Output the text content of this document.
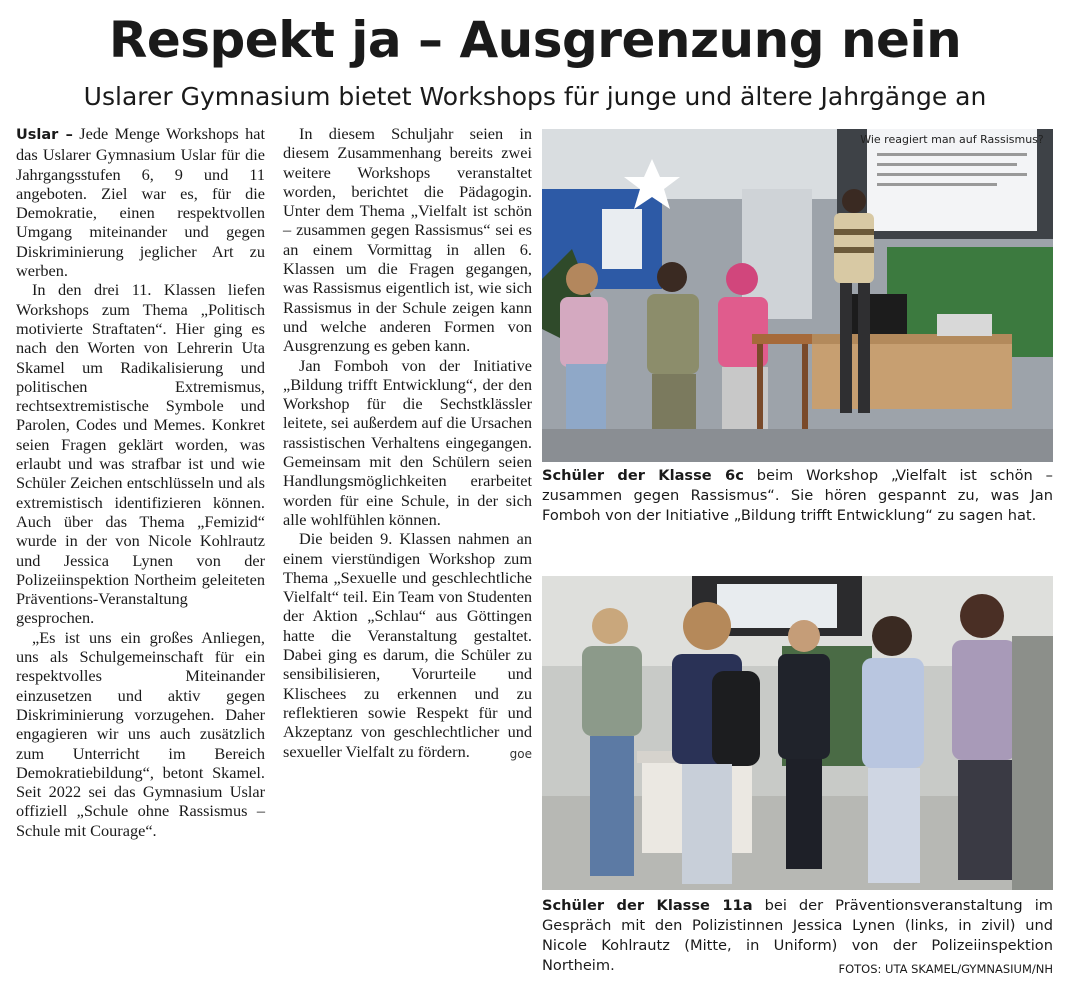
Respekt ja – Ausgrenzung nein
Uslarer Gymnasium bietet Workshops für junge und ältere Jahrgänge an

Uslar – Jede Menge Workshops hat das Uslarer Gymnasium Uslar für die Jahrgangsstufen 6, 9 und 11 angeboten. Ziel war es, für die Demokratie, einen respektvollen Umgang miteinander und gegen Diskriminierung jeglicher Art zu werben.

In den drei 11. Klassen liefen Workshops zum Thema „Politisch motivierte Straftaten“. Hier ging es nach den Worten von Lehrerin Uta Skamel um Radikalisierung und politischen Extremismus, rechtsextremistische Symbole und Parolen, Codes und Memes. Konkret seien Fragen geklärt worden, was erlaubt und was strafbar ist und wie Schüler Zeichen entschlüsseln und als extremistisch identifizieren können. Auch über das Thema „Femizid“ wurde in der von Nicole Kohlrautz und Jessica Lynen von der Polizeiinspektion Northeim geleiteten Präventions-Veranstaltung gesprochen.

„Es ist uns ein großes Anliegen, uns als Schulgemeinschaft für ein respektvolles Miteinander einzusetzen und aktiv gegen Diskriminierung vorzugehen. Daher engagieren wir uns auch zusätzlich zum Unterricht im Bereich Demokratiebildung“, betont Skamel. Seit 2022 sei das Gymnasium Uslar offiziell „Schule ohne Rassismus – Schule mit Courage“.

In diesem Schuljahr seien in diesem Zusammenhang bereits zwei weitere Workshops veranstaltet worden, berichtet die Pädagogin. Unter dem Thema „Vielfalt ist schön – zusammen gegen Rassismus“ sei es an einem Vormittag in allen 6. Klassen um die Fragen gegangen, was Rassismus eigentlich ist, wie sich Rassismus in der Schule zeigen kann und welche anderen Formen von Ausgrenzung es geben kann.

Jan Fomboh von der Initiative „Bildung trifft Entwicklung“, der den Workshop für die Sechstklässler leitete, sei außerdem auf die Ursachen rassistischen Verhaltens eingegangen. Gemeinsam mit den Schülern seien Handlungsmöglichkeiten erarbeitet worden für eine Schule, in der sich alle wohlfühlen können.

Die beiden 9. Klassen nahmen an einem vierstündigen Workshop zum Thema „Sexuelle und geschlechtliche Vielfalt“ teil. Ein Team von Studenten der Aktion „Schlau“ aus Göttingen hatte die Veranstaltung gestaltet. Dabei ging es darum, die Schüler zu sensibilisieren, Vorurteile und Klischees zu erkennen und zu reflektieren sowie Respekt für und Akzeptanz von geschlechtlicher und sexueller Vielfalt zu fördern.	goe

Wie reagiert man auf Rassismus?
Schüler der Klasse 6c beim Workshop „Vielfalt ist schön – zusammen gegen Rassismus“. Sie hören gespannt zu, was Jan Fomboh von der Initiative „Bildung trifft Entwicklung“ zu sagen hat.
Schüler der Klasse 11a bei der Präventionsveranstaltung im Gespräch mit den Polizistinnen Jessica Lynen (links, in zivil) und Nicole Kohlrautz (Mitte, in Uniform) von der Polizeiinspektion Northeim.	FOTOS: UTA SKAMEL/GYMNASIUM/NH
